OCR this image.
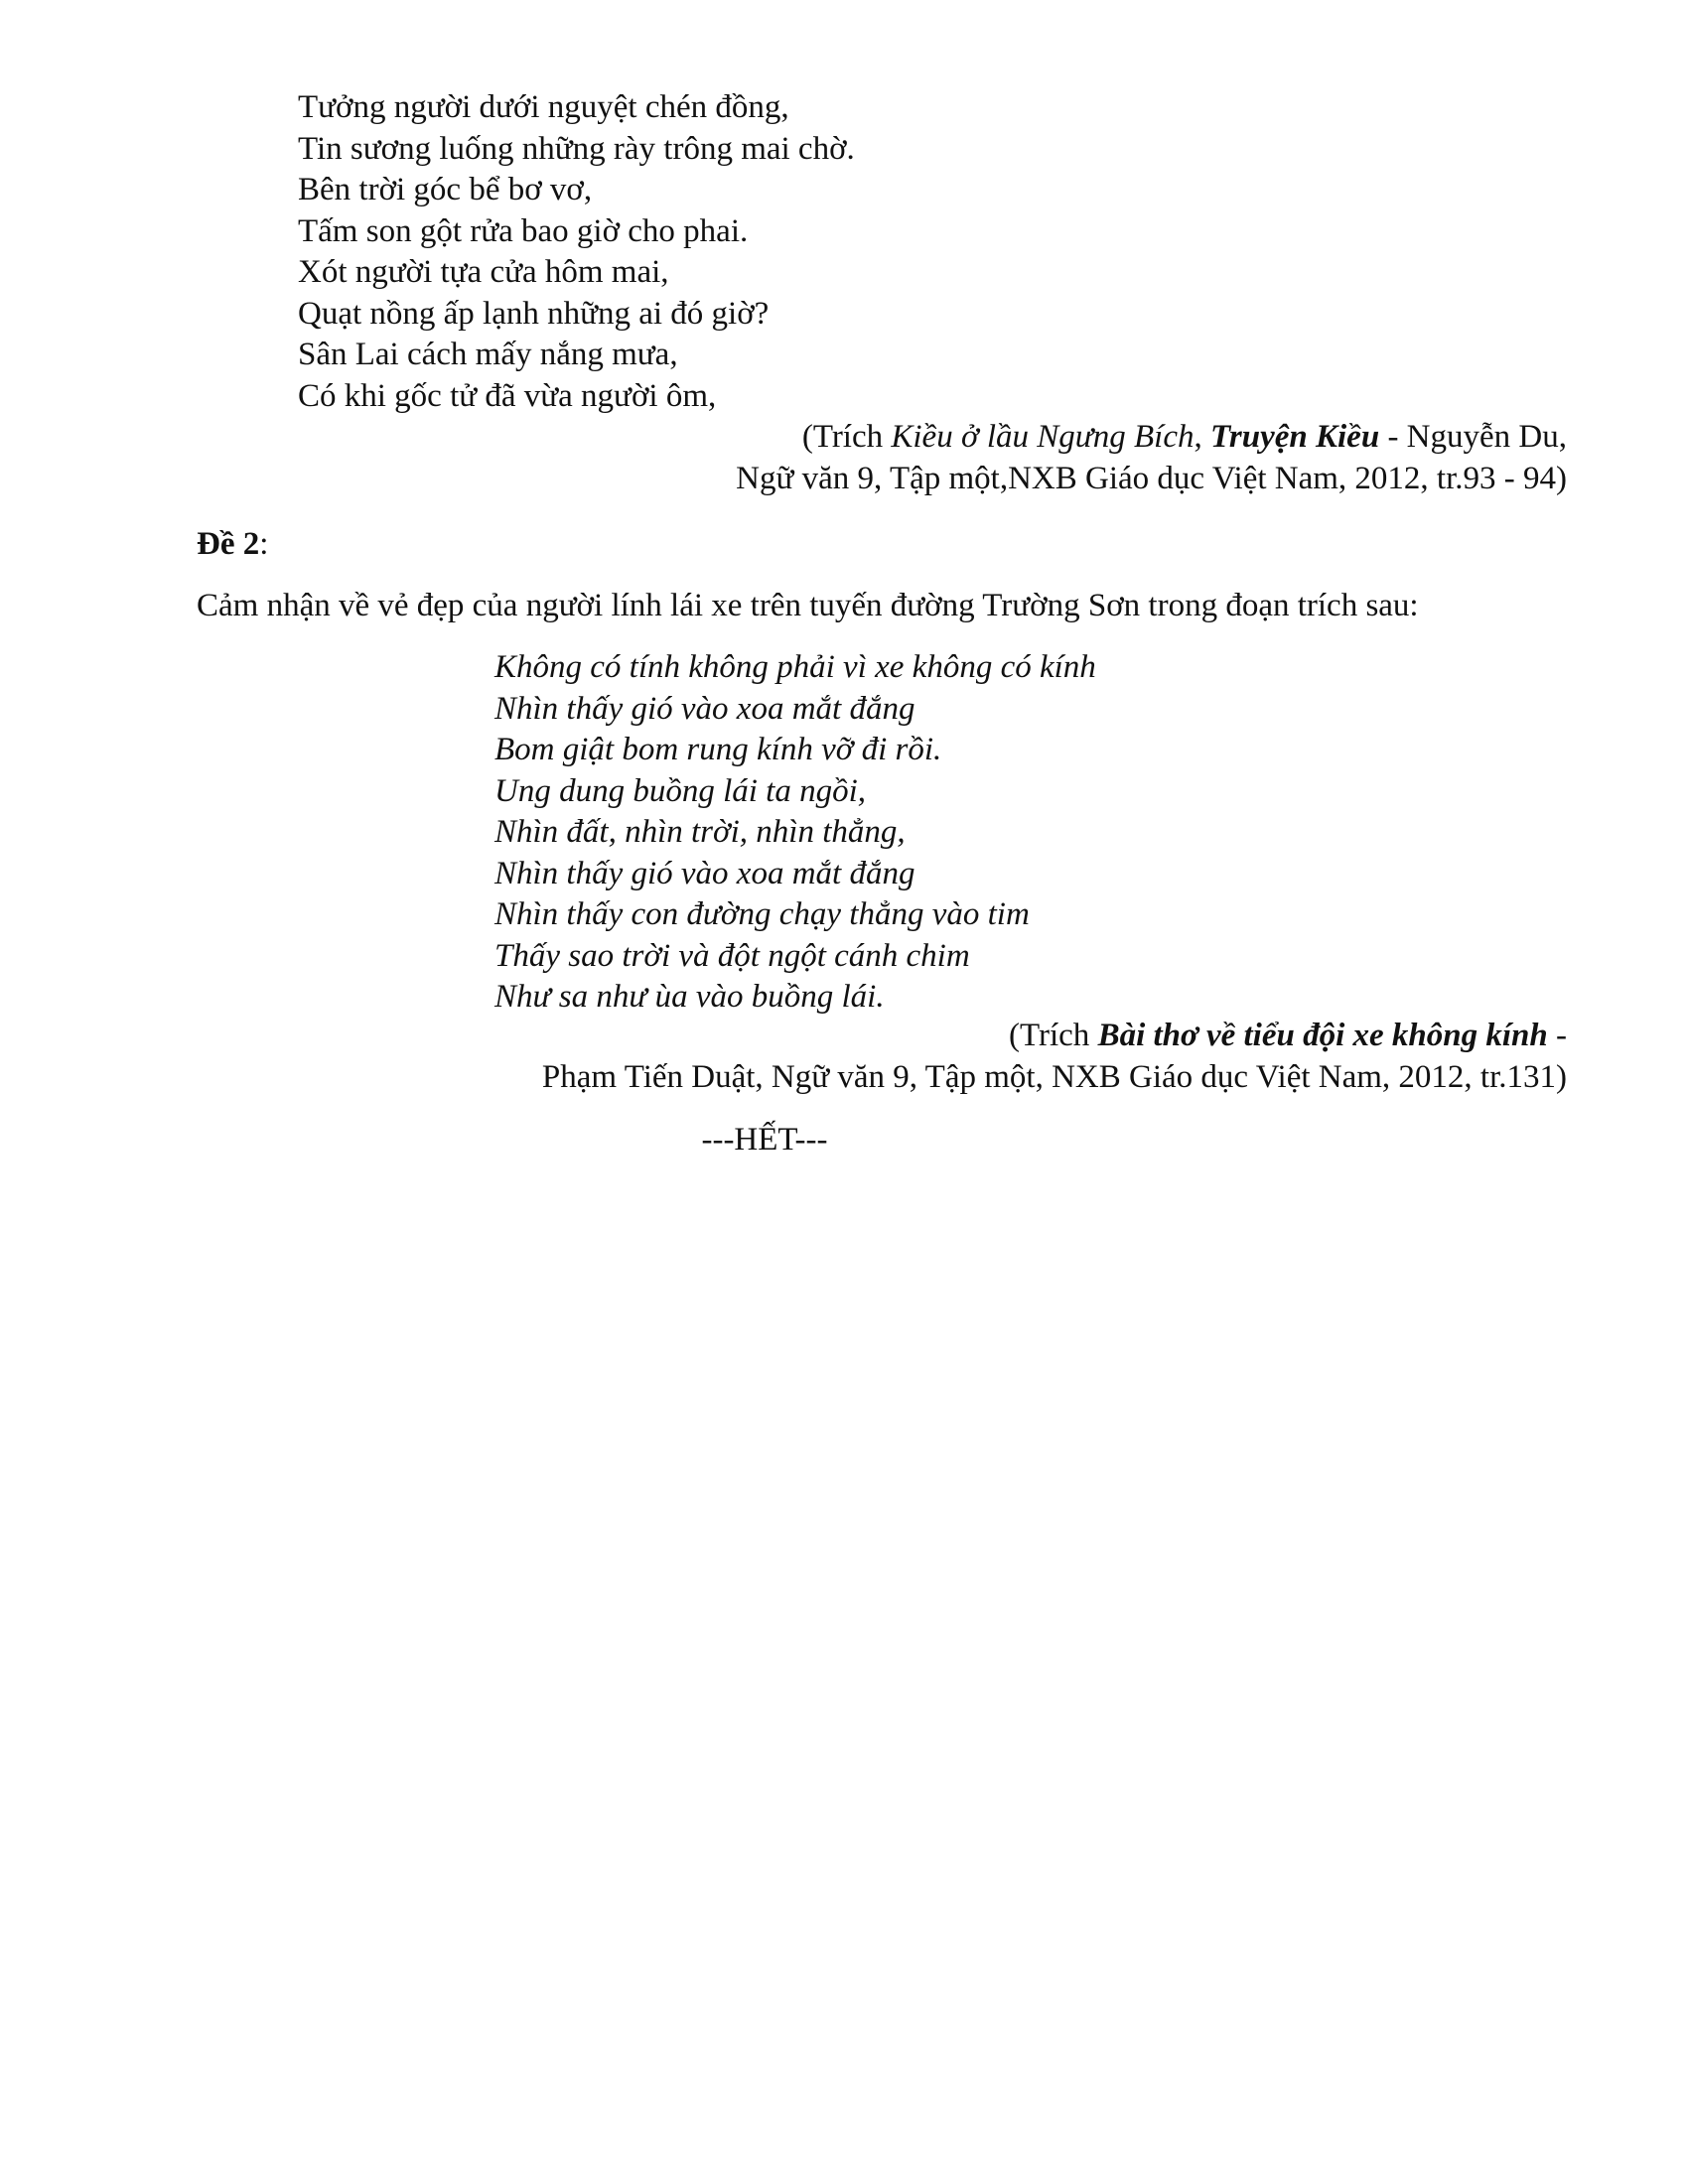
Tưởng người dưới nguyệt chén đồng,
Tin sương luống những rày trông mai chờ.
Bên trời góc bể bơ vơ,
Tấm son gột rửa bao giờ cho phai.
Xót người tựa cửa hôm mai,
Quạt nồng ấp lạnh những ai đó giờ?
Sân Lai cách mấy nắng mưa,
Có khi gốc tử đã vừa người ôm,
(Trích Kiều ở lầu Ngưng Bích, Truyện Kiều - Nguyễn Du,
Ngữ văn 9, Tập một,NXB Giáo dục Việt Nam, 2012, tr.93 - 94)
Đề 2:
Cảm nhận về vẻ đẹp của người lính lái xe trên tuyến đường Trường Sơn trong đoạn trích sau:
Không có tính không phải vì xe không có kính
Nhìn thấy gió vào xoa mắt đắng
Bom giật bom rung kính vỡ đi rồi.
Ung dung buồng lái ta ngồi,
Nhìn đất, nhìn trời, nhìn thẳng,
Nhìn thấy gió vào xoa mắt đắng
Nhìn thấy con đường chạy thẳng vào tim
Thấy sao trời và đột ngột cánh chim
Như sa như ùa vào buồng lái.
(Trích Bài thơ về tiểu đội xe không kính -
Phạm Tiến Duật, Ngữ văn 9, Tập một, NXB Giáo dục Việt Nam, 2012, tr.131)
---HẾT---
